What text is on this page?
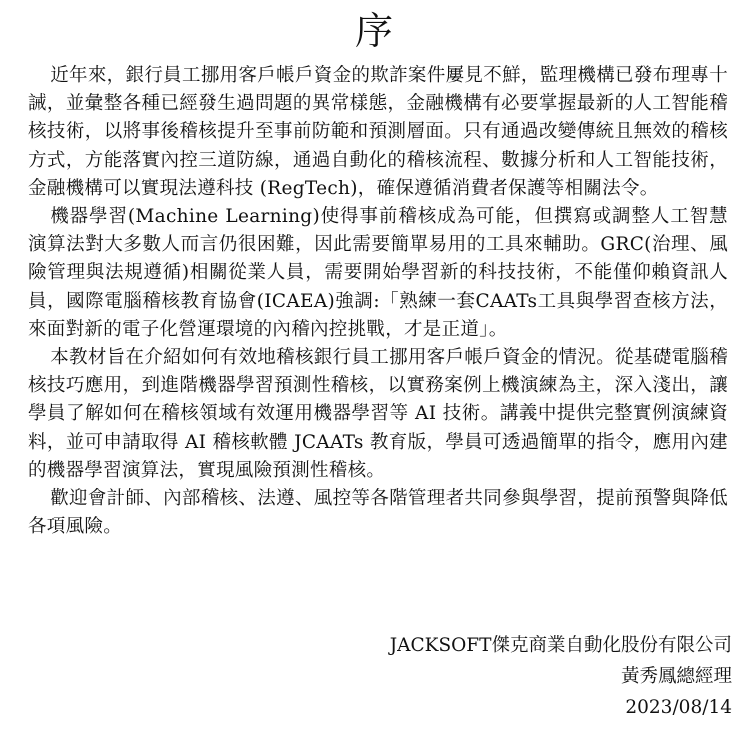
序

近年來，銀行員工挪用客戶帳戶資金的欺詐案件屢見不鮮，監理機構已發布理專十誡，並彙整各種已經發生過問題的異常樣態，金融機構有必要掌握最新的人工智能稽核技術，以將事後稽核提升至事前防範和預測層面。只有通過改變傳統且無效的稽核方式，方能落實內控三道防線，通過自動化的稽核流程、數據分析和人工智能技術，金融機構可以實現法遵科技 (RegTech)，確保遵循消費者保護等相關法令。

機器學習(Machine Learning)使得事前稽核成為可能，但撰寫或調整人工智慧演算法對大多數人而言仍很困難，因此需要簡單易用的工具來輔助。GRC(治理、風險管理與法規遵循)相關從業人員，需要開始學習新的科技技術，不能僅仰賴資訊人員，國際電腦稽核教育協會(ICAEA)強調:「熟練一套CAATs工具與學習查核方法，來面對新的電子化營運環境的內稽內控挑戰，才是正道」。

本教材旨在介紹如何有效地稽核銀行員工挪用客戶帳戶資金的情況。從基礎電腦稽核技巧應用，到進階機器學習預測性稽核，以實務案例上機演練為主，深入淺出，讓學員了解如何在稽核領域有效運用機器學習等 AI 技術。講義中提供完整實例演練資料，並可申請取得 AI 稽核軟體 JCAATs 教育版，學員可透過簡單的指令，應用內建的機器學習演算法，實現風險預測性稽核。

歡迎會計師、內部稽核、法遵、風控等各階管理者共同參與學習，提前預警與降低各項風險。

JACKSOFT傑克商業自動化股份有限公司
黃秀鳳總經理
2023/08/14
